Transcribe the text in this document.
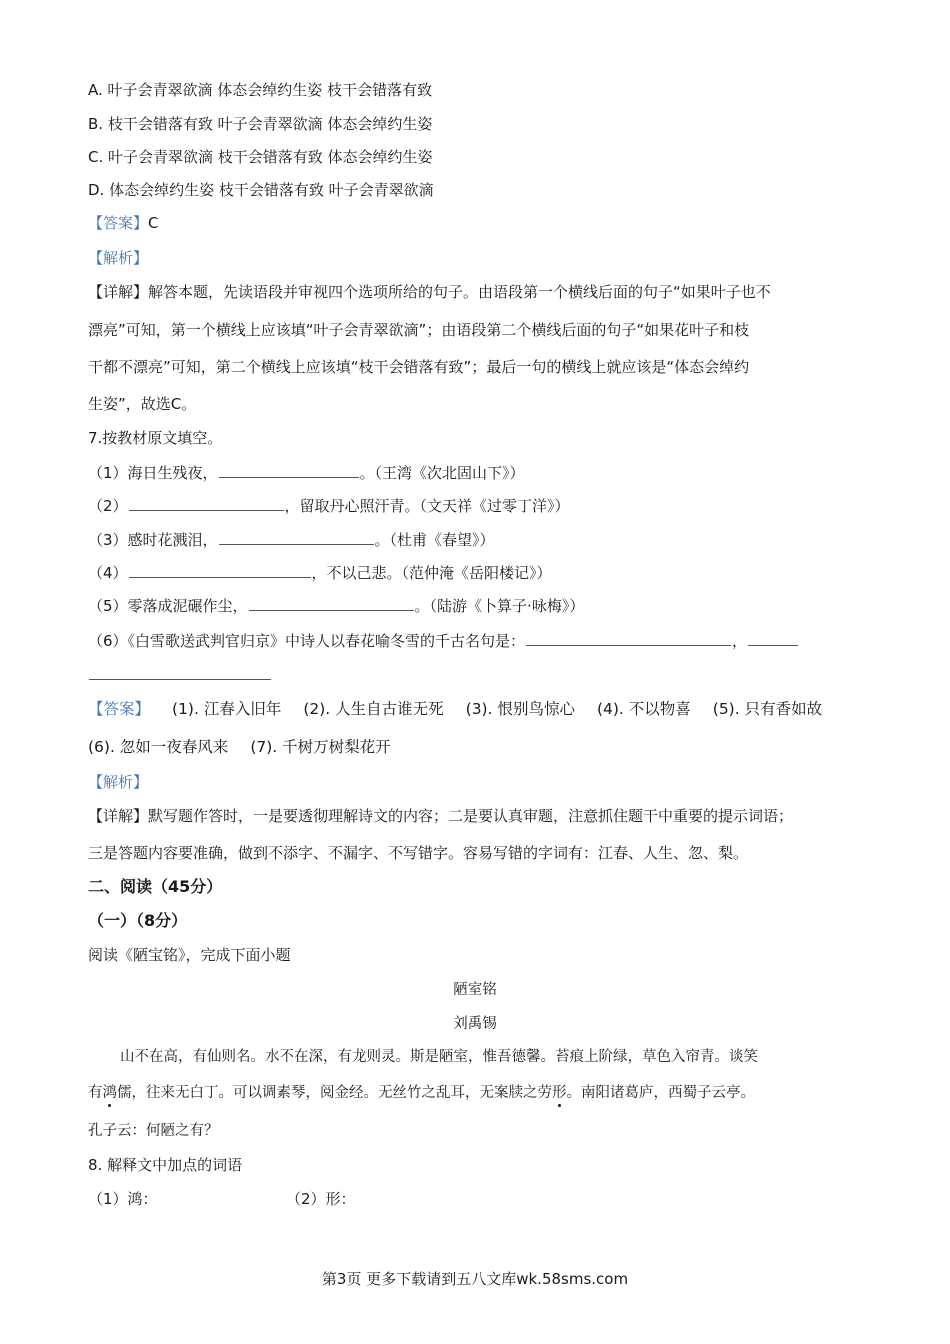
A. 叶子会青翠欲滴 体态会绰约生姿 枝干会错落有致
B. 枝干会错落有致 叶子会青翠欲滴 体态会绰约生姿
C. 叶子会青翠欲滴 枝干会错落有致 体态会绰约生姿
D. 体态会绰约生姿 枝干会错落有致 叶子会青翠欲滴
【答案】C
【解析】
【详解】解答本题，先读语段并审视四个选项所给的句子。由语段第一个横线后面的句子“如果叶子也不
漂亮”可知，第一个横线上应该填“叶子会青翠欲滴”；由语段第二个横线后面的句子“如果花叶子和枝
干都不漂亮”可知，第二个横线上应该填“枝干会错落有致”；最后一句的横线上就应该是“体态会绰约
生姿”，故选C。
7.按教材原文填空。
（1）海日生残夜，	。（王湾《次北固山下》）
（2）	，留取丹心照汗青。（文天祥《过零丁洋》）
（3）感时花溅泪，	。（杜甫《春望》）
（4）	，不以己悲。（范仲淹《岳阳楼记》）
（5）零落成泥碾作尘，	。（陆游《卜算子·咏梅》）
（6）《白雪歌送武判官归京》中诗人以春花喻冬雪的千古名句是：	，
【答案】 (1). 江春入旧年 (2). 人生自古谁无死 (3). 恨别鸟惊心 (4). 不以物喜 (5). 只有香如故
(6). 忽如一夜春风来 (7). 千树万树梨花开
【解析】
【详解】默写题作答时，一是要透彻理解诗文的内容；二是要认真审题，注意抓住题干中重要的提示词语；
三是答题内容要准确，做到不添字、不漏字、不写错字。容易写错的字词有：江春、人生、忽、梨。
二、阅读（45分）
（一）（8分）
阅读《陋宝铭》，完成下面小题
陋室铭
刘禹锡
山不在高，有仙则名。水不在深，有龙则灵。斯是陋室，惟吾德馨。苔痕上阶绿，草色入帘青。谈笑
有鸿儒，往来无白丁。可以调素琴，阅金经。无丝竹之乱耳，无案牍之劳形。南阳诸葛庐，西蜀子云亭。
孔子云：何陋之有？
8. 解释文中加点的词语
（1）鸿：	（2）形：
第3页 更多下载请到五八文库wk.58sms.com
